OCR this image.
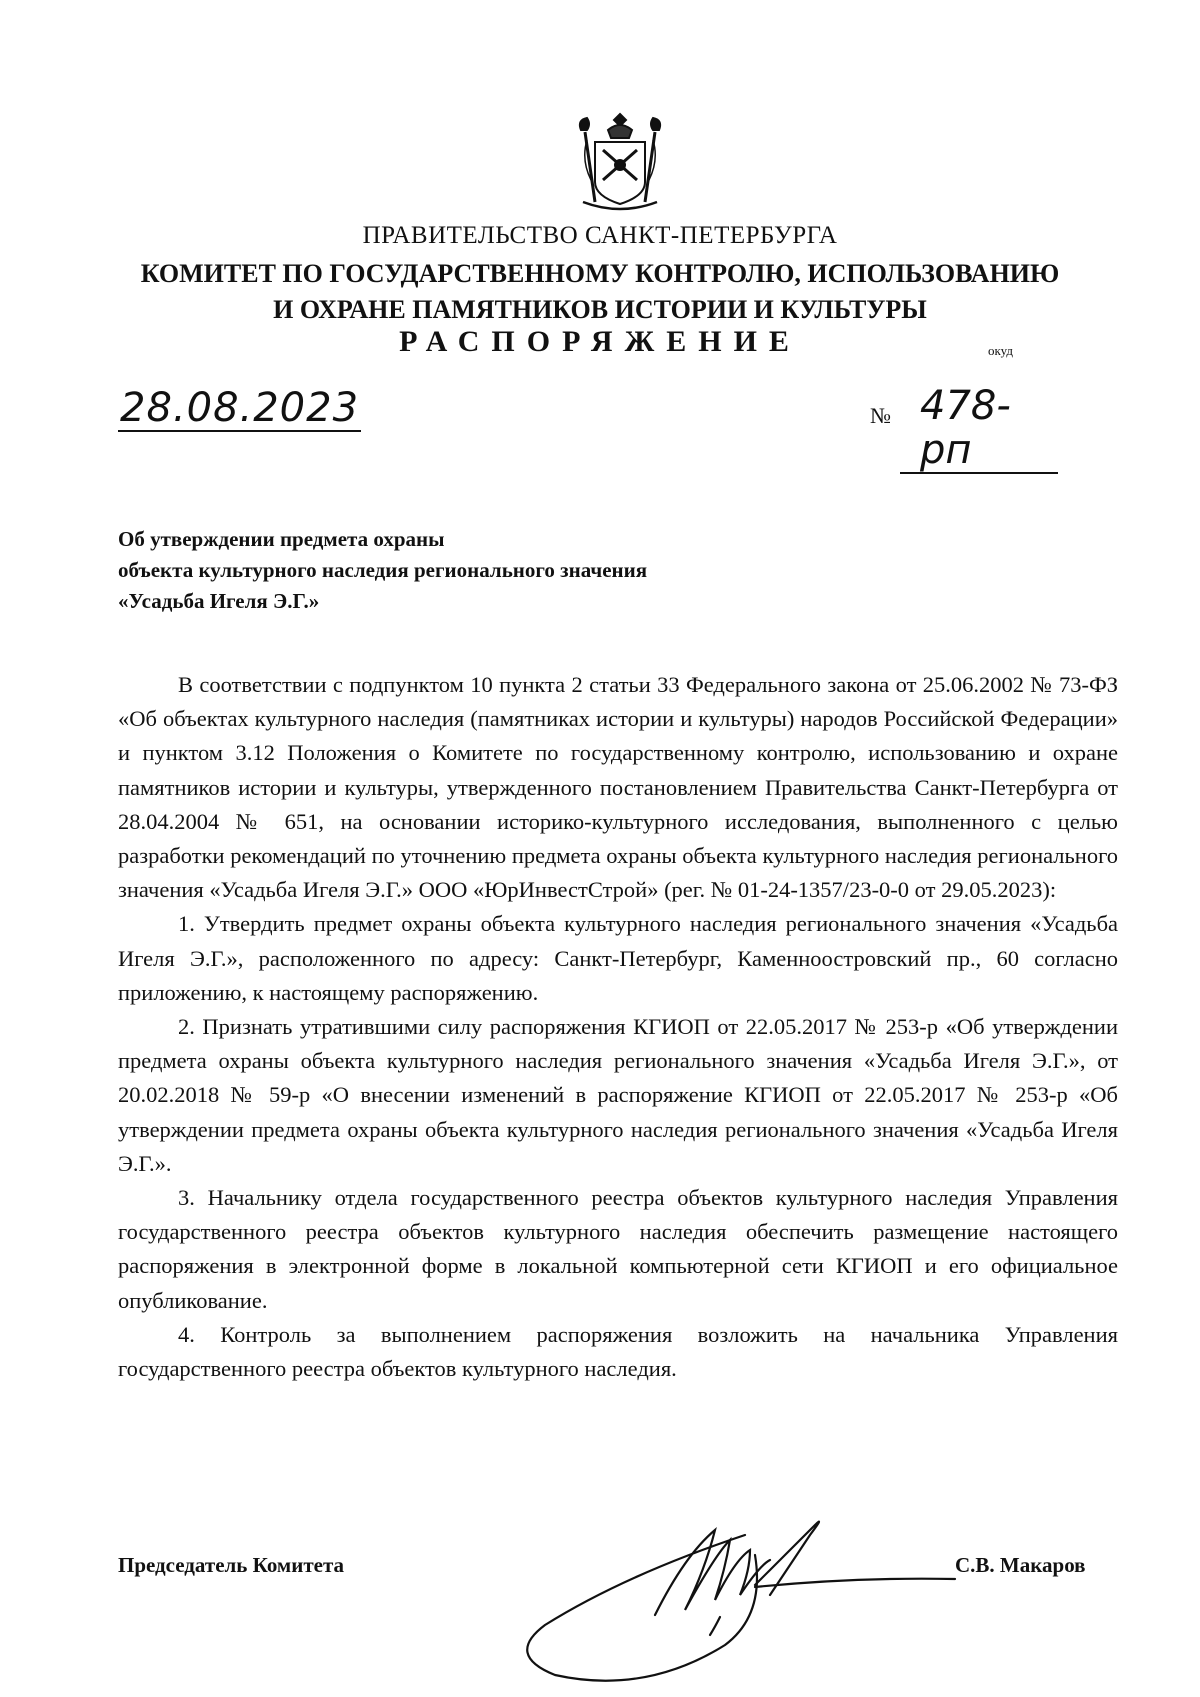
ПРАВИТЕЛЬСТВО САНКТ-ПЕТЕРБУРГА
КОМИТЕТ ПО ГОСУДАРСТВЕННОМУ КОНТРОЛЮ, ИСПОЛЬЗОВАНИЮ
И ОХРАНЕ ПАМЯТНИКОВ ИСТОРИИ И КУЛЬТУРЫ
РАСПОРЯЖЕНИЕ	окуд
28.08.2023	№ 478-рп
Об утверждении предмета охраны
объекта культурного наследия регионального значения
«Усадьба Игеля Э.Г.»

В соответствии с подпунктом 10 пункта 2 статьи 33 Федерального закона от 25.06.2002 № 73-ФЗ «Об объектах культурного наследия (памятниках истории и культуры) народов Российской Федерации» и пунктом 3.12 Положения о Комитете по государственному контролю, использованию и охране памятников истории и культуры, утвержденного постановлением Правительства Санкт-Петербурга от 28.04.2004 № 651, на основании историко-культурного исследования, выполненного с целью разработки рекомендаций по уточнению предмета охраны объекта культурного наследия регионального значения «Усадьба Игеля Э.Г.» ООО «ЮрИнвестСтрой» (рег. № 01-24-1357/23-0-0 от 29.05.2023):

1. Утвердить предмет охраны объекта культурного наследия регионального значения «Усадьба Игеля Э.Г.», расположенного по адресу: Санкт-Петербург, Каменноостровский пр., 60 согласно приложению, к настоящему распоряжению.

2. Признать утратившими силу распоряжения КГИОП от 22.05.2017 № 253-р «Об утверждении предмета охраны объекта культурного наследия регионального значения «Усадьба Игеля Э.Г.», от 20.02.2018 № 59-р «О внесении изменений в распоряжение КГИОП от 22.05.2017 № 253-р «Об утверждении предмета охраны объекта культурного наследия регионального значения «Усадьба Игеля Э.Г.».

3. Начальнику отдела государственного реестра объектов культурного наследия Управления государственного реестра объектов культурного наследия обеспечить размещение настоящего распоряжения в электронной форме в локальной компьютерной сети КГИОП и его официальное опубликование.

4. Контроль за выполнением распоряжения возложить на начальника Управления государственного реестра объектов культурного наследия.

Председатель Комитета	С.В. Макаров
